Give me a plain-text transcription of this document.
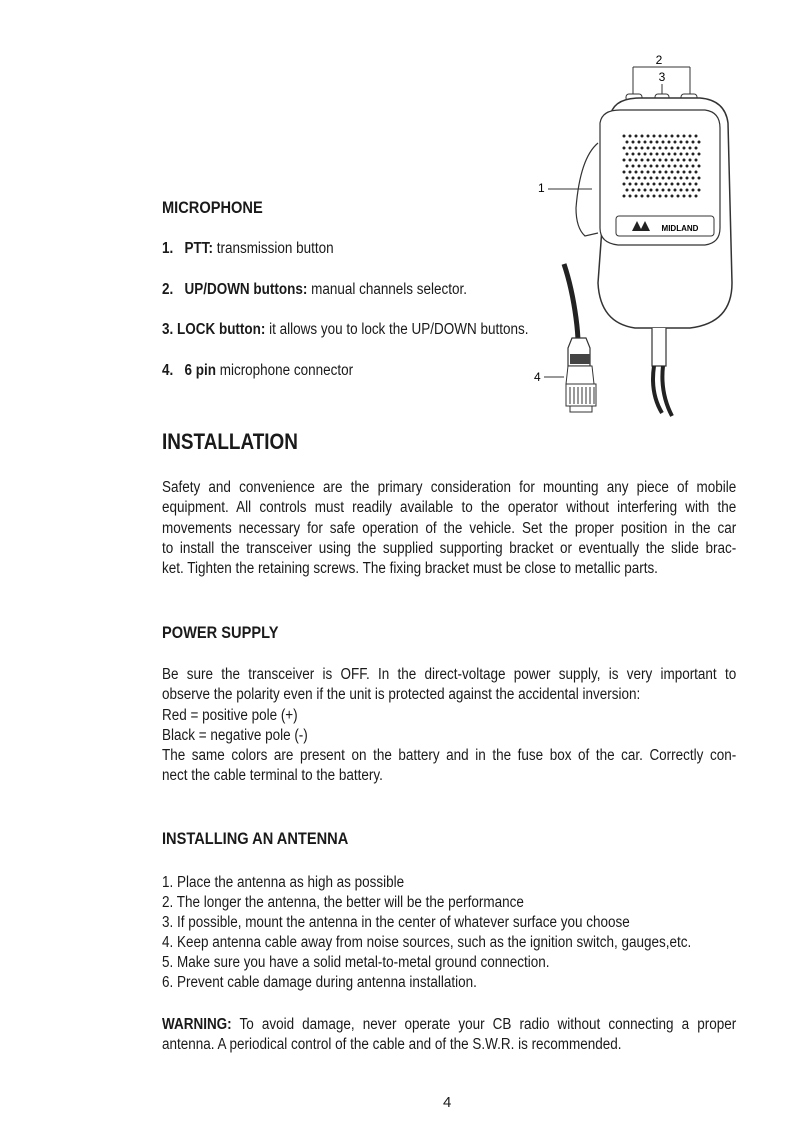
MICROPHONE
1. PTT: transmission button
2. UP/DOWN buttons: manual channels selector.
3. LOCK button: it allows you to lock the UP/DOWN buttons.
4. 6 pin microphone connector
2
3
MIDLAND
1
4
INSTALLATION
Safety and convenience are the primary consideration for mounting any piece of mobile
equipment. All controls must readily available to the operator without interfering with the
movements necessary for safe operation of the vehicle. Set the proper position in the car
to install the transceiver using the supplied supporting bracket or eventually the slide brac-
ket. Tighten the retaining screws. The fixing bracket must be close to metallic parts.
POWER SUPPLY
Be sure the transceiver is OFF. In the direct-voltage power supply, is very important to
observe the polarity even if the unit is protected against the accidental inversion:
Red = positive pole (+)
Black = negative pole (-)
The same colors are present on the battery and in the fuse box of the car. Correctly con-
nect the cable terminal to the battery.
INSTALLING AN ANTENNA
1. Place the antenna as high as possible
2. The longer the antenna, the better will be the performance
3. If possible, mount the antenna in the center of whatever surface you choose
4. Keep antenna cable away from noise sources, such as the ignition switch, gauges,etc.
5. Make sure you have a solid metal-to-metal ground connection.
6. Prevent cable damage during antenna installation.
WARNING: To avoid damage, never operate your CB radio without connecting a proper
antenna. A periodical control of the cable and of the S.W.R. is recommended.
4
